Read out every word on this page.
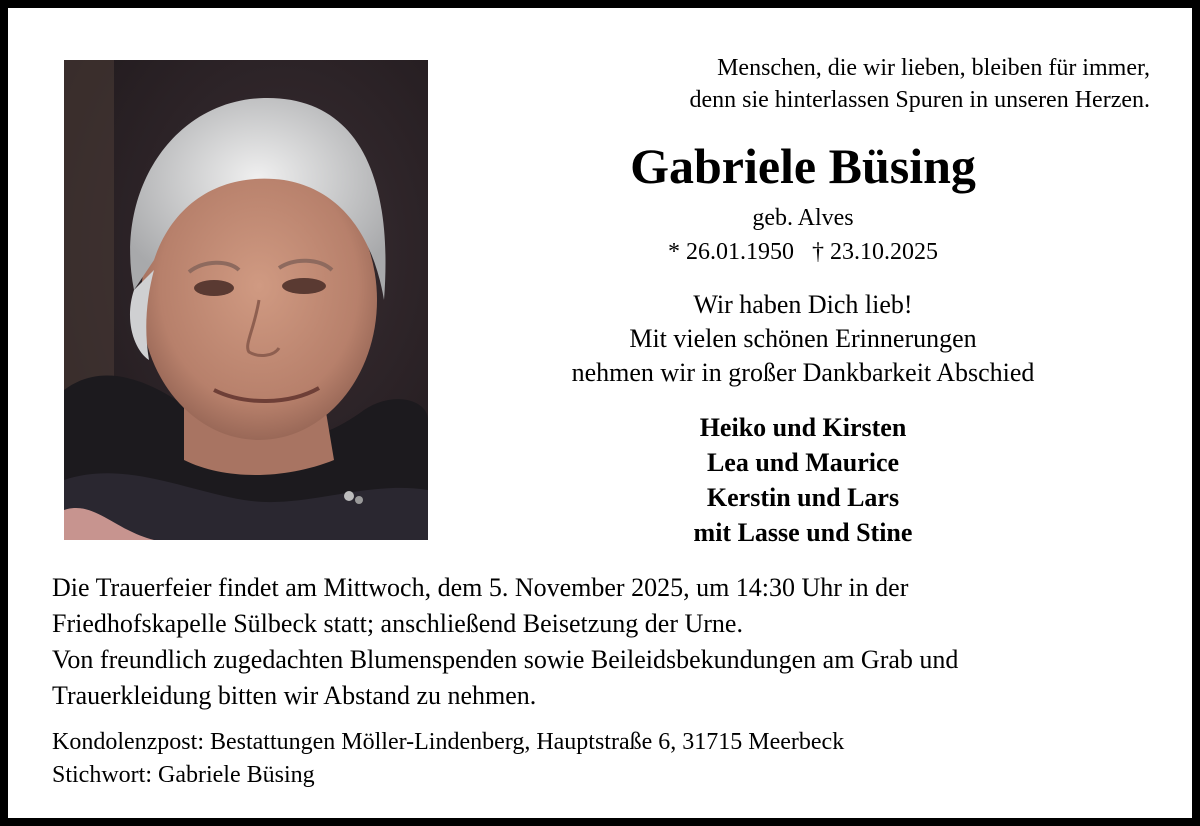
Menschen, die wir lieben, bleiben für immer,
denn sie hinterlassen Spuren in unseren Herzen.
Gabriele Büsing
geb. Alves
* 26.01.1950 † 23.10.2025
Wir haben Dich lieb!
Mit vielen schönen Erinnerungen
nehmen wir in großer Dankbarkeit Abschied
Heiko und Kirsten
Lea und Maurice
Kerstin und Lars
mit Lasse und Stine
Die Trauerfeier findet am Mittwoch, dem 5. November 2025, um 14:30 Uhr in der
Friedhofskapelle Sülbeck statt; anschließend Beisetzung der Urne.
Von freundlich zugedachten Blumenspenden sowie Beileidsbekundungen am Grab und
Trauerkleidung bitten wir Abstand zu nehmen.
Kondolenzpost: Bestattungen Möller-Lindenberg, Hauptstraße 6, 31715 Meerbeck
Stichwort: Gabriele Büsing
